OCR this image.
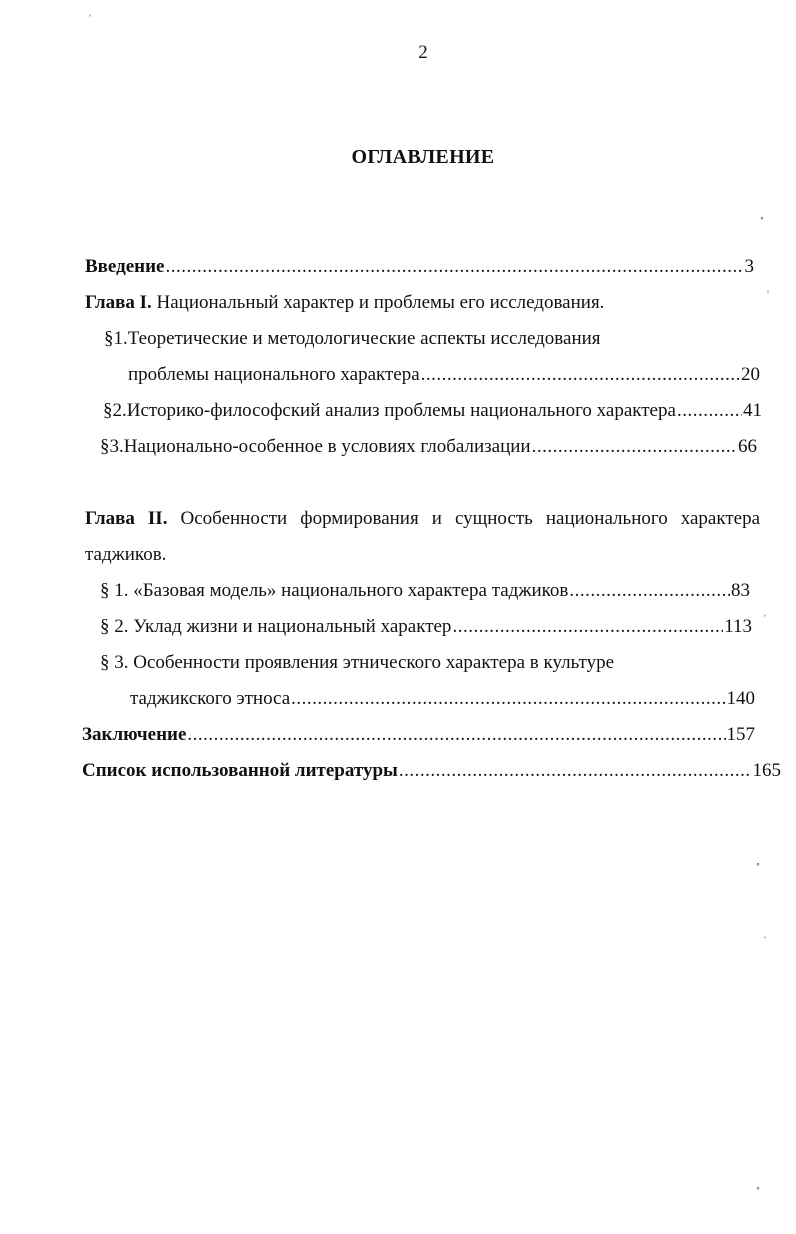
2
ОГЛАВЛЕНИЕ
Введение .....	3
Глава I. Национальный характер и проблемы его исследования.
§1.Теоретические и методологические аспекты исследования
проблемы национального характера .....	20
§2.Историко-философский анализ проблемы национального характера .....	41
§3.Национально-особенное в условиях глобализации .....	66
Глава II. Особенности формирования и сущность национального характера
таджиков.
§ 1. «Базовая модель» национального характера таджиков .....	83
§ 2. Уклад жизни и национальный характер .....	113
§ 3. Особенности проявления этнического характера в культуре
таджикского этноса .....	140
Заключение .....	157
Список использованной литературы .....	165
ˈ
˳
ˈ
ˈ
˳
ˈ
˳
